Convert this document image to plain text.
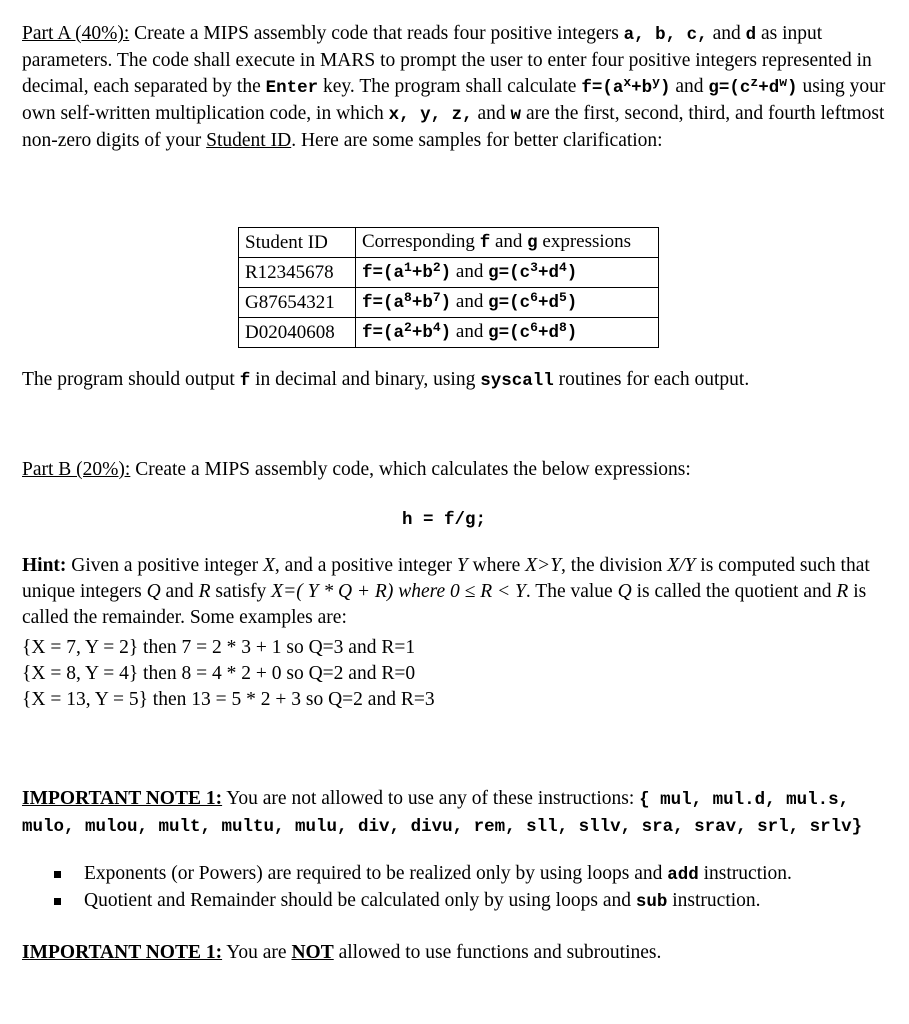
Part A (40%): Create a MIPS assembly code that reads four positive integers a, b, c, and d as input parameters. The code shall execute in MARS to prompt the user to enter four positive integers represented in decimal, each separated by the Enter key. The program shall calculate $f=(a^x+b^y)$ and $g=(c^z+d^w)$ using your own self-written multiplication code, in which x, y, z, and w are the first, second, third, and fourth leftmost non-zero digits of your Student ID. Here are some samples for better clarification:
Student ID	Corresponding f and g expressions
R12345678	$f=(a^1+b^2)$ and $g=(c^3+d^4)$
G87654321	$f=(a^8+b^7)$ and $g=(c^6+d^5)$
D02040608	$f=(a^2+b^4)$ and $g=(c^6+d^8)$
The program should output f in decimal and binary, using syscall routines for each output.
Part B (20%): Create a MIPS assembly code, which calculates the below expressions:
h = f/g;
Hint: Given a positive integer X, and a positive integer Y where X>Y, the division X/Y is computed such that unique integers Q and R satisfy X=( Y * Q + R) where 0 ≤ R < Y. The value Q is called the quotient and R is called the remainder. Some examples are:
{X = 7, Y = 2} then 7 = 2 * 3 + 1 so Q=3 and R=1
{X = 8, Y = 4} then 8 = 4 * 2 + 0 so Q=2 and R=0
{X = 13, Y = 5} then 13 = 5 * 2 + 3 so Q=2 and R=3
IMPORTANT NOTE 1: You are not allowed to use any of these instructions: { mul, mul.d, mul.s, mulo, mulou, mult, multu, mulu, div, divu, rem, sll, sllv, sra, srav, srl, srlv}
Exponents (or Powers) are required to be realized only by using loops and add instruction.
Quotient and Remainder should be calculated only by using loops and sub instruction.
IMPORTANT NOTE 1: You are NOT allowed to use functions and subroutines.
